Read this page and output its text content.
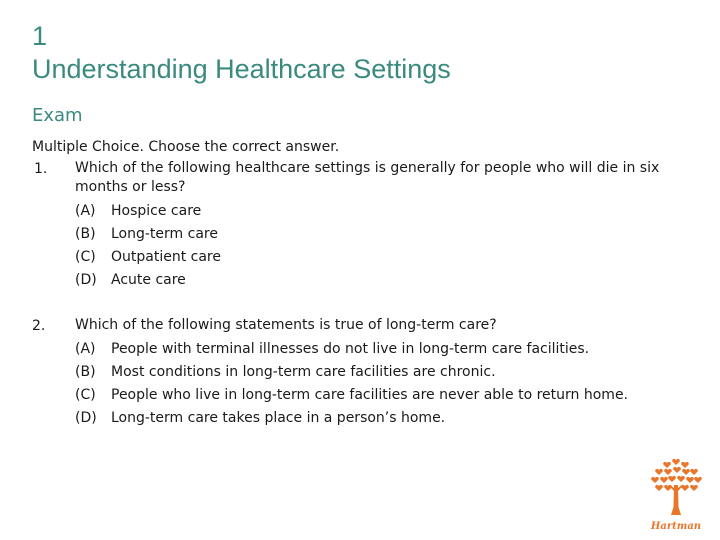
1
Understanding Healthcare Settings
Exam
Multiple Choice. Choose the correct answer.
1.	Which of the following healthcare settings is generally for people who will die in six months or less?
(A)	Hospice care
(B)	Long-term care
(C)	Outpatient care
(D)	Acute care
2.	Which of the following statements is true of long-term care?
(A)	People with terminal illnesses do not live in long-term care facilities.
(B)	Most conditions in long-term care facilities are chronic.
(C)	People who live in long-term care facilities are never able to return home.
(D)	Long-term care takes place in a person’s home.
Hartman
